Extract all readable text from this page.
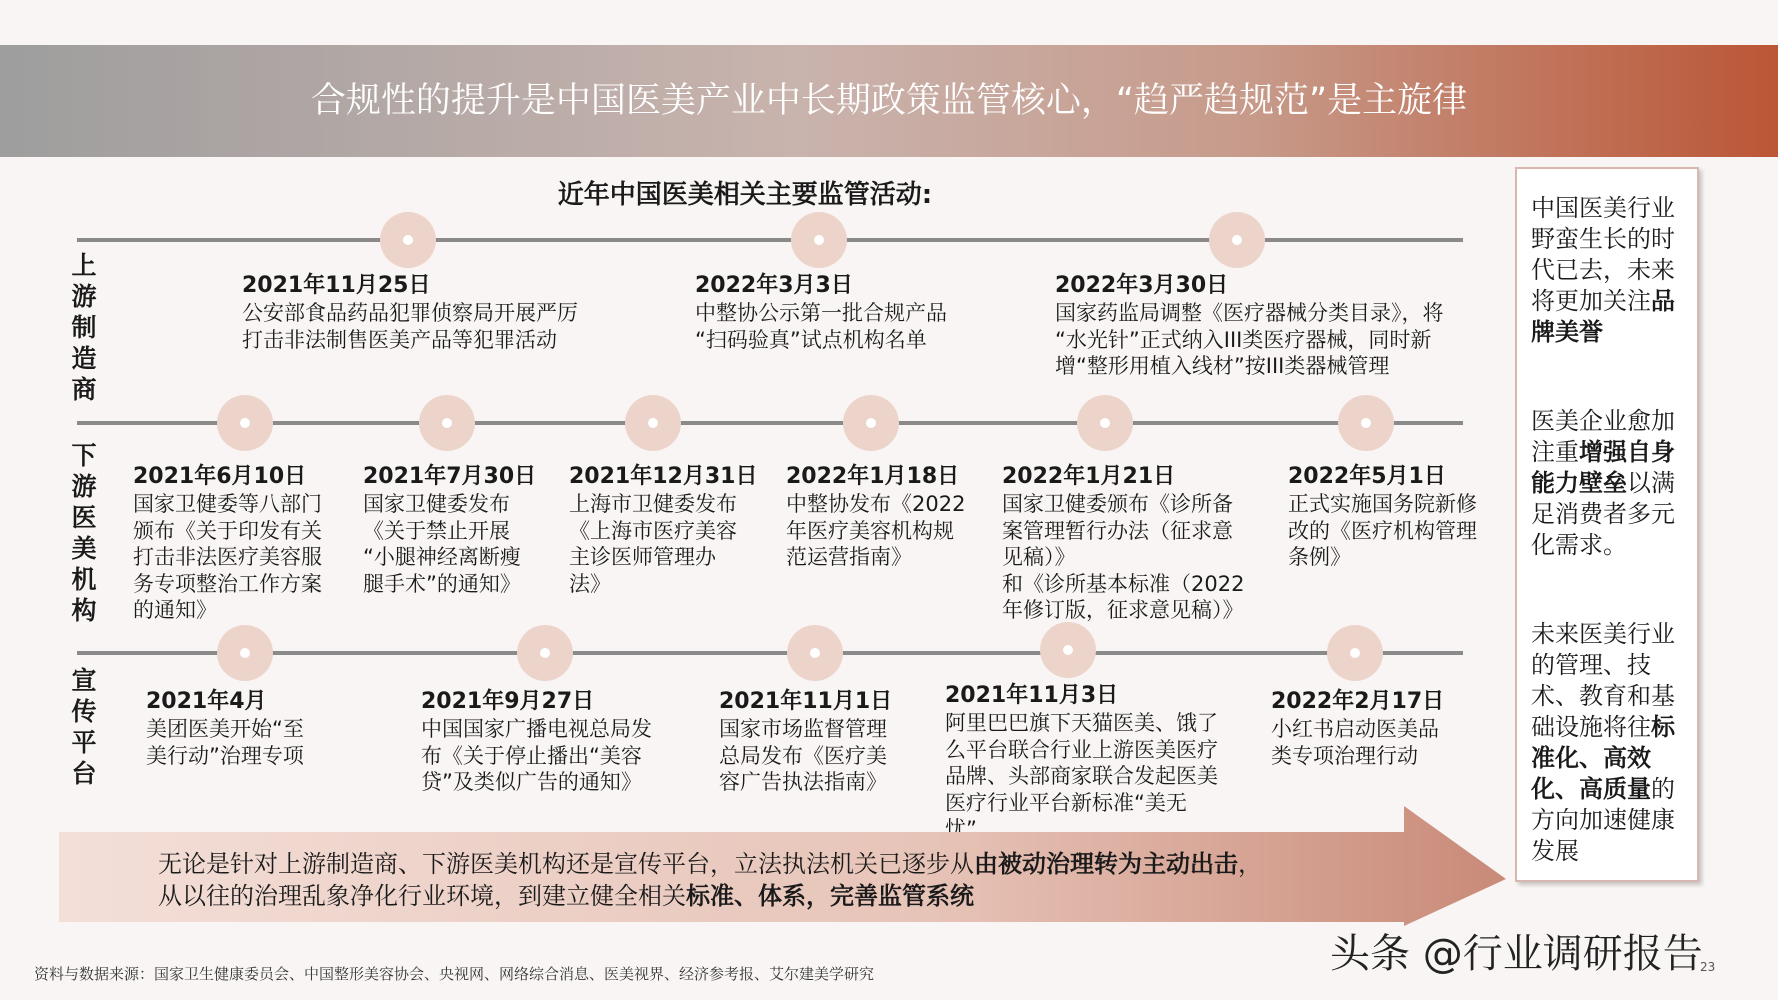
合规性的提升是中国医美产业中长期政策监管核心，“趋严趋规范”是主旋律
近年中国医美相关主要监管活动:
上游制造商
下游医美机构
宣传平台
2021年11月25日
公安部食品药品犯罪侦察局开展严厉
打击非法制售医美产品等犯罪活动
2022年3月3日
中整协公示第一批合规产品
“扫码验真”试点机构名单
2022年3月30日
国家药监局调整《医疗器械分类目录》，将
“水光针”正式纳入III类医疗器械，同时新
增“整形用植入线材”按III类器械管理
2021年6月10日
国家卫健委等八部门
颁布《关于印发有关
打击非法医疗美容服
务专项整治工作方案
的通知》
2021年7月30日
国家卫健委发布
《关于禁止开展
“小腿神经离断瘦
腿手术”的通知》
2021年12月31日
上海市卫健委发布
《上海市医疗美容
主诊医师管理办
法》
2022年1月18日
中整协发布《2022
年医疗美容机构规
范运营指南》
2022年1月21日
国家卫健委颁布《诊所备
案管理暂行办法（征求意
见稿）》
和《诊所基本标准（2022
年修订版，征求意见稿）》
2022年5月1日
正式实施国务院新修
改的《医疗机构管理
条例》
2021年4月
美团医美开始“至
美行动”治理专项
2021年9月27日
中国国家广播电视总局发
布《关于停止播出“美容
贷”及类似广告的通知》
2021年11月1日
国家市场监督管理
总局发布《医疗美
容广告执法指南》
2021年11月3日
阿里巴巴旗下天猫医美、饿了
么平台联合行业上游医美医疗
品牌、头部商家联合发起医美
医疗行业平台新标准“美无
忧”
2022年2月17日
小红书启动医美品
类专项治理行动
无论是针对上游制造商、下游医美机构还是宣传平台，立法执法机关已逐步从由被动治理转为主动出击，
从以往的治理乱象净化行业环境，到建立健全相关标准、体系，完善监管系统
中国医美行业野蛮生长的时代已去，未来将更加关注品牌美誉
医美企业愈加注重增强自身能力壁垒以满足消费者多元化需求。
未来医美行业的管理、技术、教育和基础设施将往标准化、高效化、高质量的方向加速健康发展
资料与数据来源：国家卫生健康委员会、中国整形美容协会、央视网、网络综合消息、医美视界、经济参考报、艾尔建美学研究	头条 @行业调研报告
23
